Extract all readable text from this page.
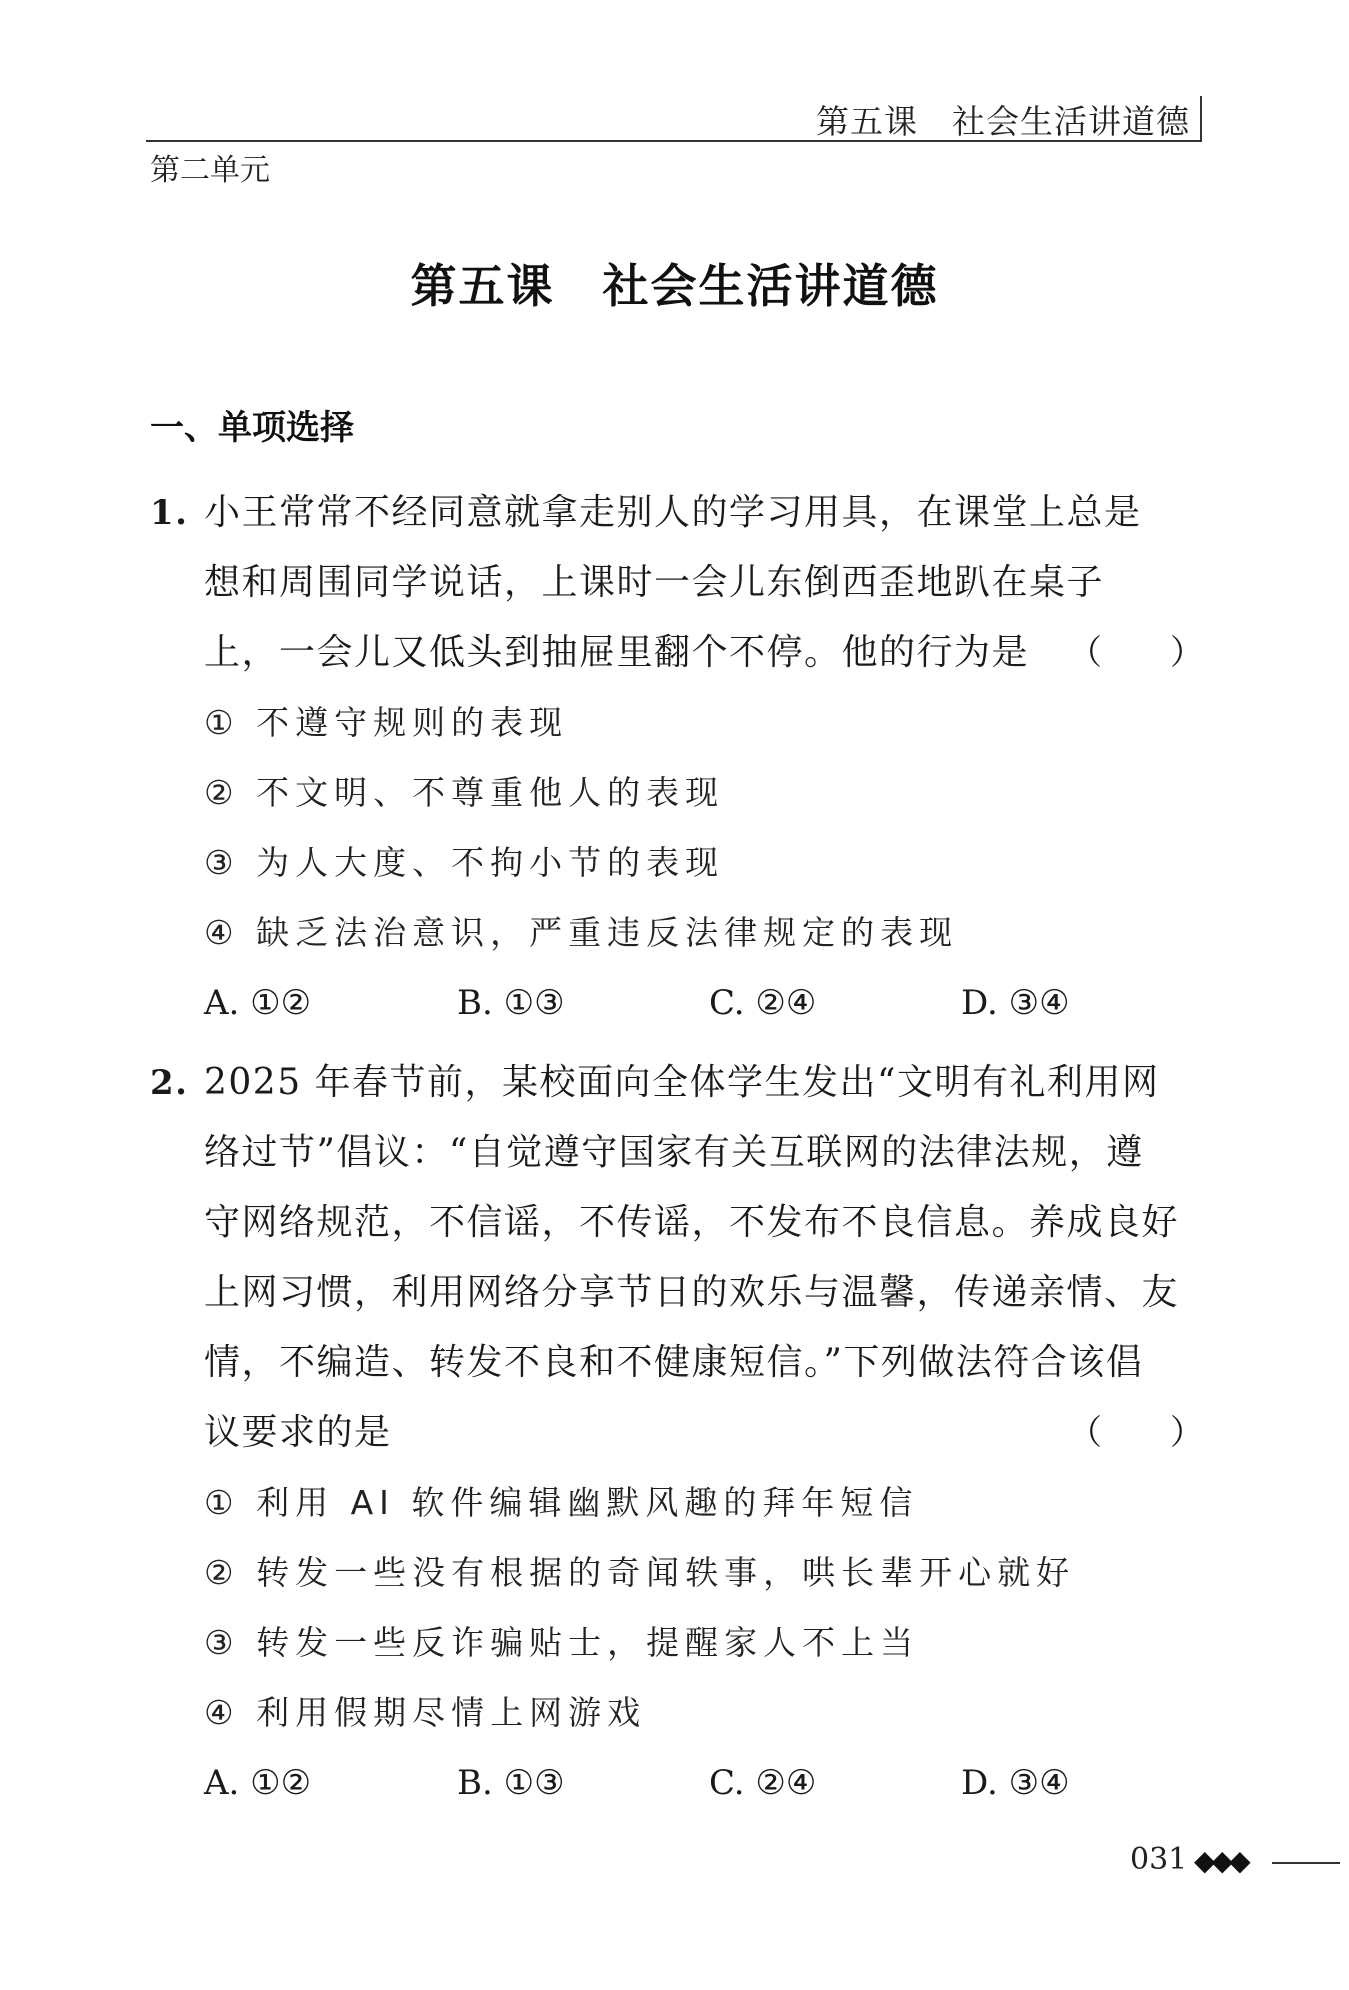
第五课　社会生活讲道德
第二单元
第五课 社会生活讲道德
一、单项选择
1. 小王常常不经同意就拿走别人的学习用具，在课堂上总是
想和周围同学说话，上课时一会儿东倒西歪地趴在桌子
上，一会儿又低头到抽屉里翻个不停。他的行为是 （　　）
① 不遵守规则的表现
② 不文明、不尊重他人的表现
③ 为人大度、不拘小节的表现
④ 缺乏法治意识，严重违反法律规定的表现
A. ①②	B. ①③	C. ②④	D. ③④
2. 2025 年春节前，某校面向全体学生发出“文明有礼利用网
络过节”倡议：“自觉遵守国家有关互联网的法律法规，遵
守网络规范，不信谣，不传谣，不发布不良信息。养成良好
上网习惯，利用网络分享节日的欢乐与温馨，传递亲情、友
情，不编造、转发不良和不健康短信。”下列做法符合该倡
议要求的是	（　　）
① 利用 AI 软件编辑幽默风趣的拜年短信
② 转发一些没有根据的奇闻轶事，哄长辈开心就好
③ 转发一些反诈骗贴士，提醒家人不上当
④ 利用假期尽情上网游戏
A. ①②	B. ①③	C. ②④	D. ③④
031 ◆◆◆
